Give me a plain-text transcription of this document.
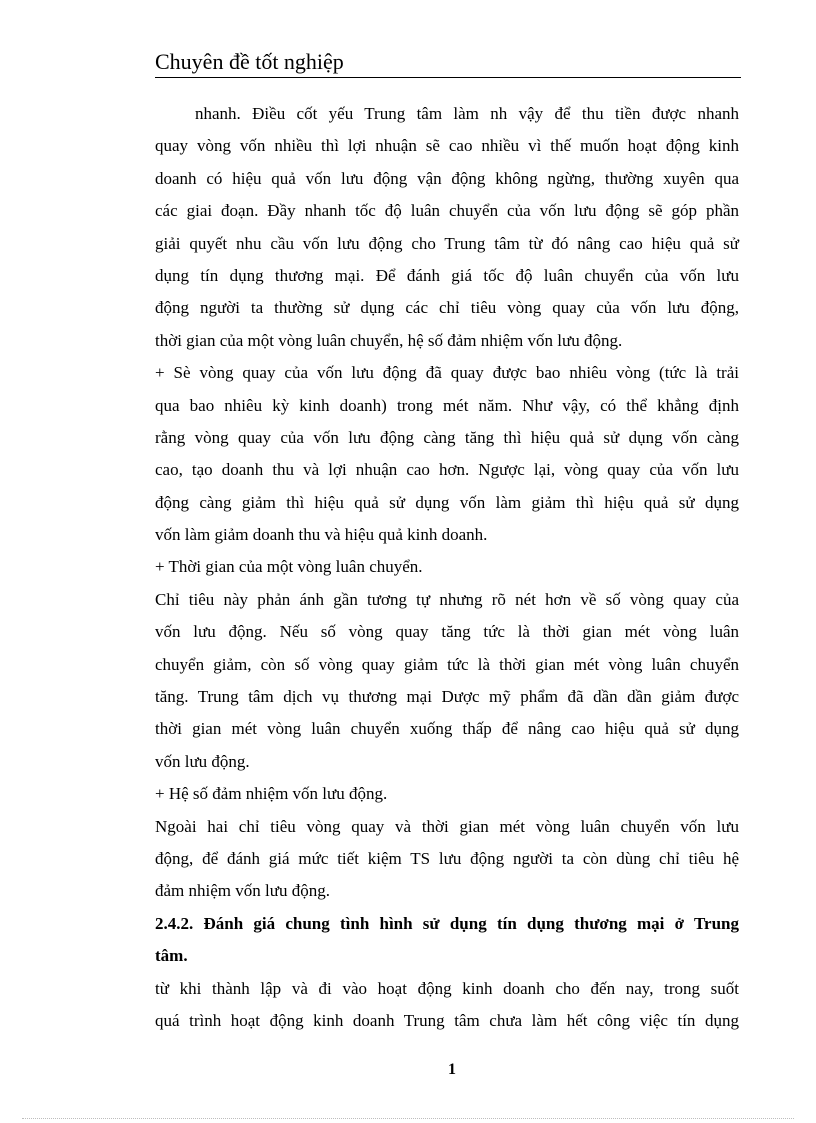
Chuyên đề tốt nghiệp
nhanh. Điều cốt yếu Trung tâm làm nh vậy để thu tiền được nhanh
quay vòng vốn nhiều thì lợi nhuận sẽ cao nhiều vì thế muốn hoạt động kinh
doanh có hiệu quả vốn lưu động vận động không ngừng, thường xuyên qua
các giai đoạn. Đầy nhanh tốc độ luân chuyển của vốn lưu động sẽ góp phần
giải quyết nhu cầu vốn lưu động cho Trung tâm từ đó nâng cao hiệu quả sử
dụng tín dụng thương mại. Để đánh giá tốc độ luân chuyển của vốn lưu
động người ta thường sử dụng các chỉ tiêu vòng quay của vốn lưu động,
thời gian của một vòng luân chuyển, hệ số đảm nhiệm vốn lưu động.
+ Sè vòng quay của vốn lưu động đã quay được bao nhiêu vòng (tức là trải
qua bao nhiêu kỳ kinh doanh) trong mét năm. Như vậy, có thể khẳng định
rằng vòng quay của vốn lưu động càng tăng thì hiệu quả sử dụng vốn càng
cao, tạo doanh thu và lợi nhuận cao hơn. Ngược lại, vòng quay của vốn lưu
động càng giảm thì hiệu quả sử dụng vốn làm giảm thì hiệu quả sử dụng
vốn làm giảm doanh thu và hiệu quả kinh doanh.
+ Thời gian của một vòng luân chuyển.
Chỉ tiêu này phản ánh gần tương tự nhưng rõ nét hơn về số vòng quay của
vốn lưu động. Nếu số vòng quay tăng tức là thời gian mét vòng luân
chuyển giảm, còn số vòng quay giảm tức là thời gian mét vòng luân chuyển
tăng. Trung tâm dịch vụ thương mại Dược mỹ phẩm đã dần dần giảm được
thời gian mét vòng luân chuyển xuống thấp để nâng cao hiệu quả sử dụng
vốn lưu động.
+ Hệ số đảm nhiệm vốn lưu động.
Ngoài hai chỉ tiêu vòng quay và thời gian mét vòng luân chuyển vốn lưu
động, để đánh giá mức tiết kiệm TS lưu động người ta còn dùng chỉ tiêu hệ
đảm nhiệm vốn lưu động.
2.4.2. Đánh giá chung tình hình sử dụng tín dụng thương mại ở Trung
tâm.
từ khi thành lập và đi vào hoạt động kinh doanh cho đến nay, trong suốt
quá trình hoạt động kinh doanh Trung tâm chưa làm hết công việc tín dụng
1
